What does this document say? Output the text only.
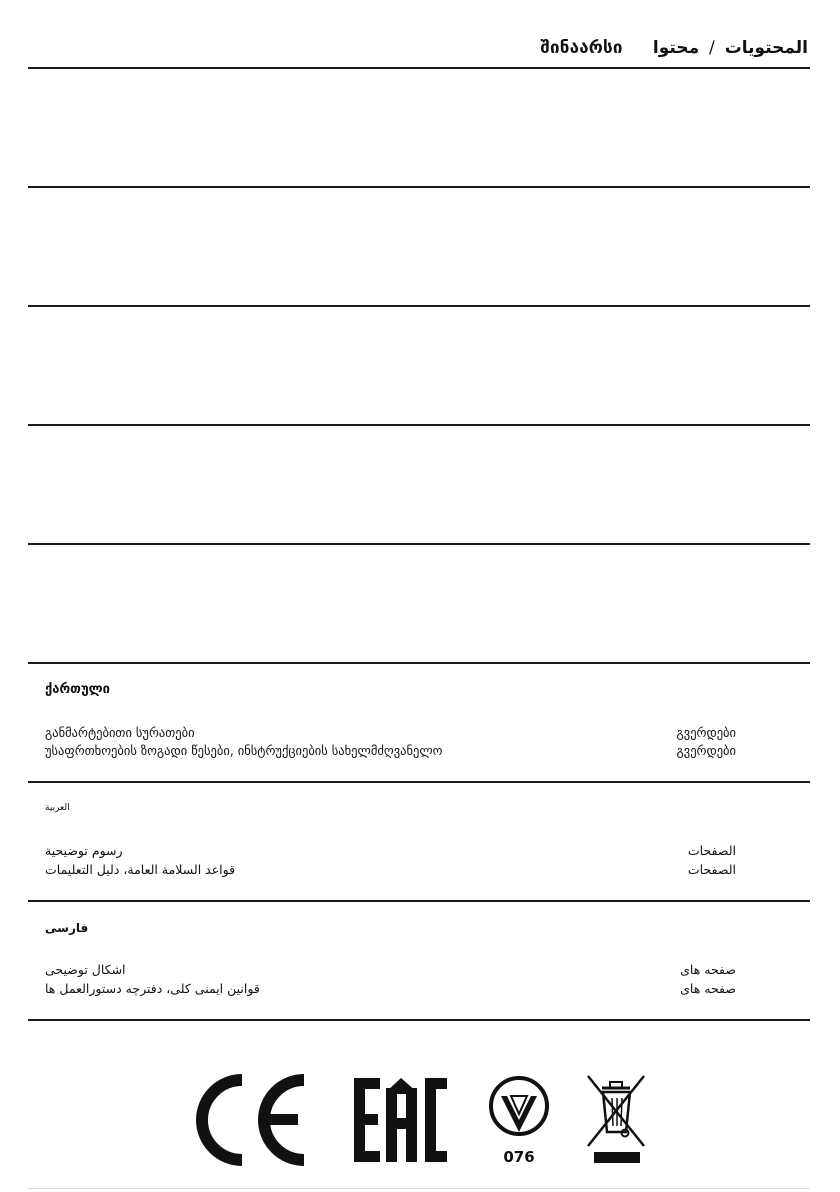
შინაარსი	المحتويات / محتوا
ქართული
განმარტებითი სურათები	გვერდები
უსაფრთხოების ზოგადი წესები, ინსტრუქციების სახელმძღვანელო	გვერდები
العربية
رسوم توضيحية	الصفحات
قواعد السلامة العامة، دليل التعليمات	الصفحات
فارسی
اشکال توضیحی	صفحه های
قوانین ایمنی کلی، دفترچه دستورالعمل ها	صفحه های
076
